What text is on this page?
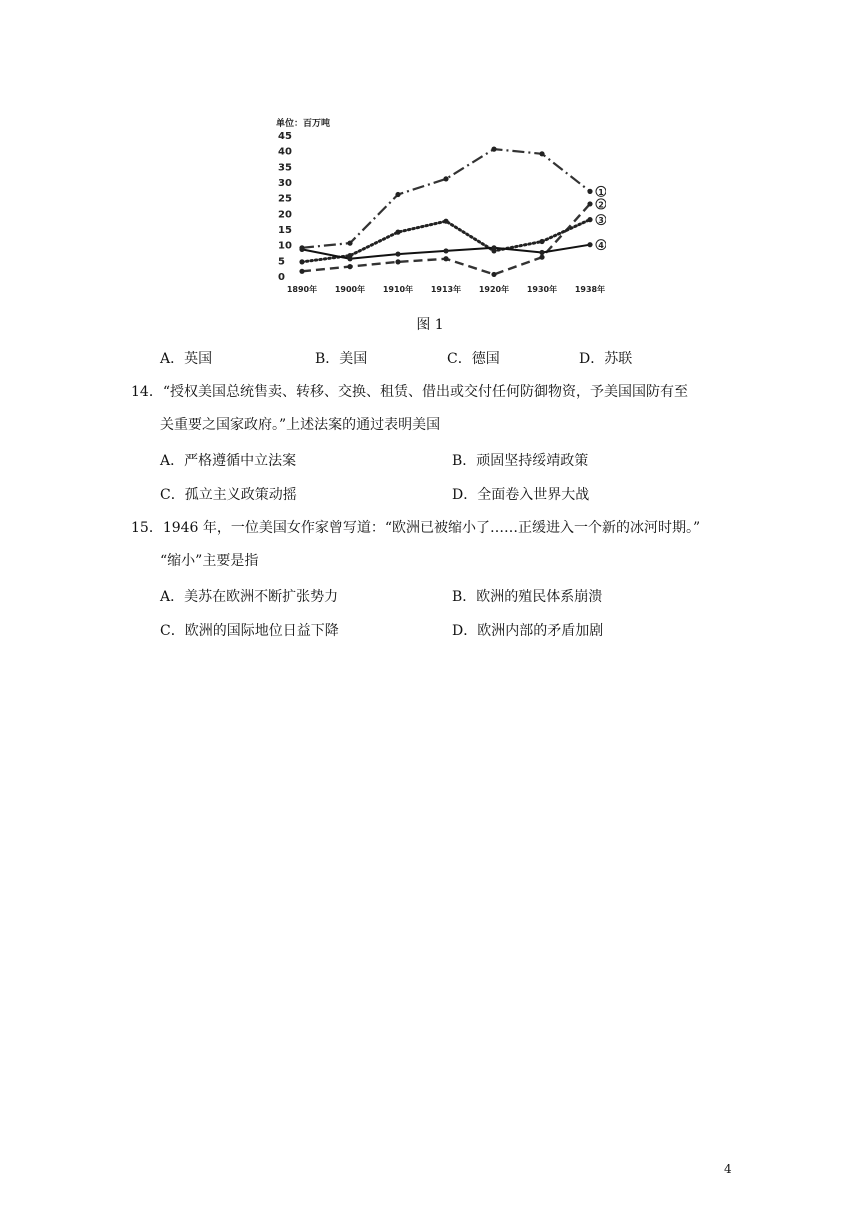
单位：百万吨
45
40
35
30
25
20
15
10
5
0
1890年 1900年 1910年 1913年 1920年 1930年 1938年
1
2
3
4
图 1
A．英国	B．美国	C．德国	D．苏联
14．“授权美国总统售卖、转移、交换、租赁、借出或交付任何防御物资，予美国国防有至
关重要之国家政府。”上述法案的通过表明美国
A．严格遵循中立法案	B．顽固坚持绥靖政策
C．孤立主义政策动摇	D．全面卷入世界大战
15．1946 年，一位美国女作家曾写道：“欧洲已被缩小了……正缓进入一个新的冰河时期。”
“缩小”主要是指
A．美苏在欧洲不断扩张势力	B．欧洲的殖民体系崩溃
C．欧洲的国际地位日益下降	D．欧洲内部的矛盾加剧
4
